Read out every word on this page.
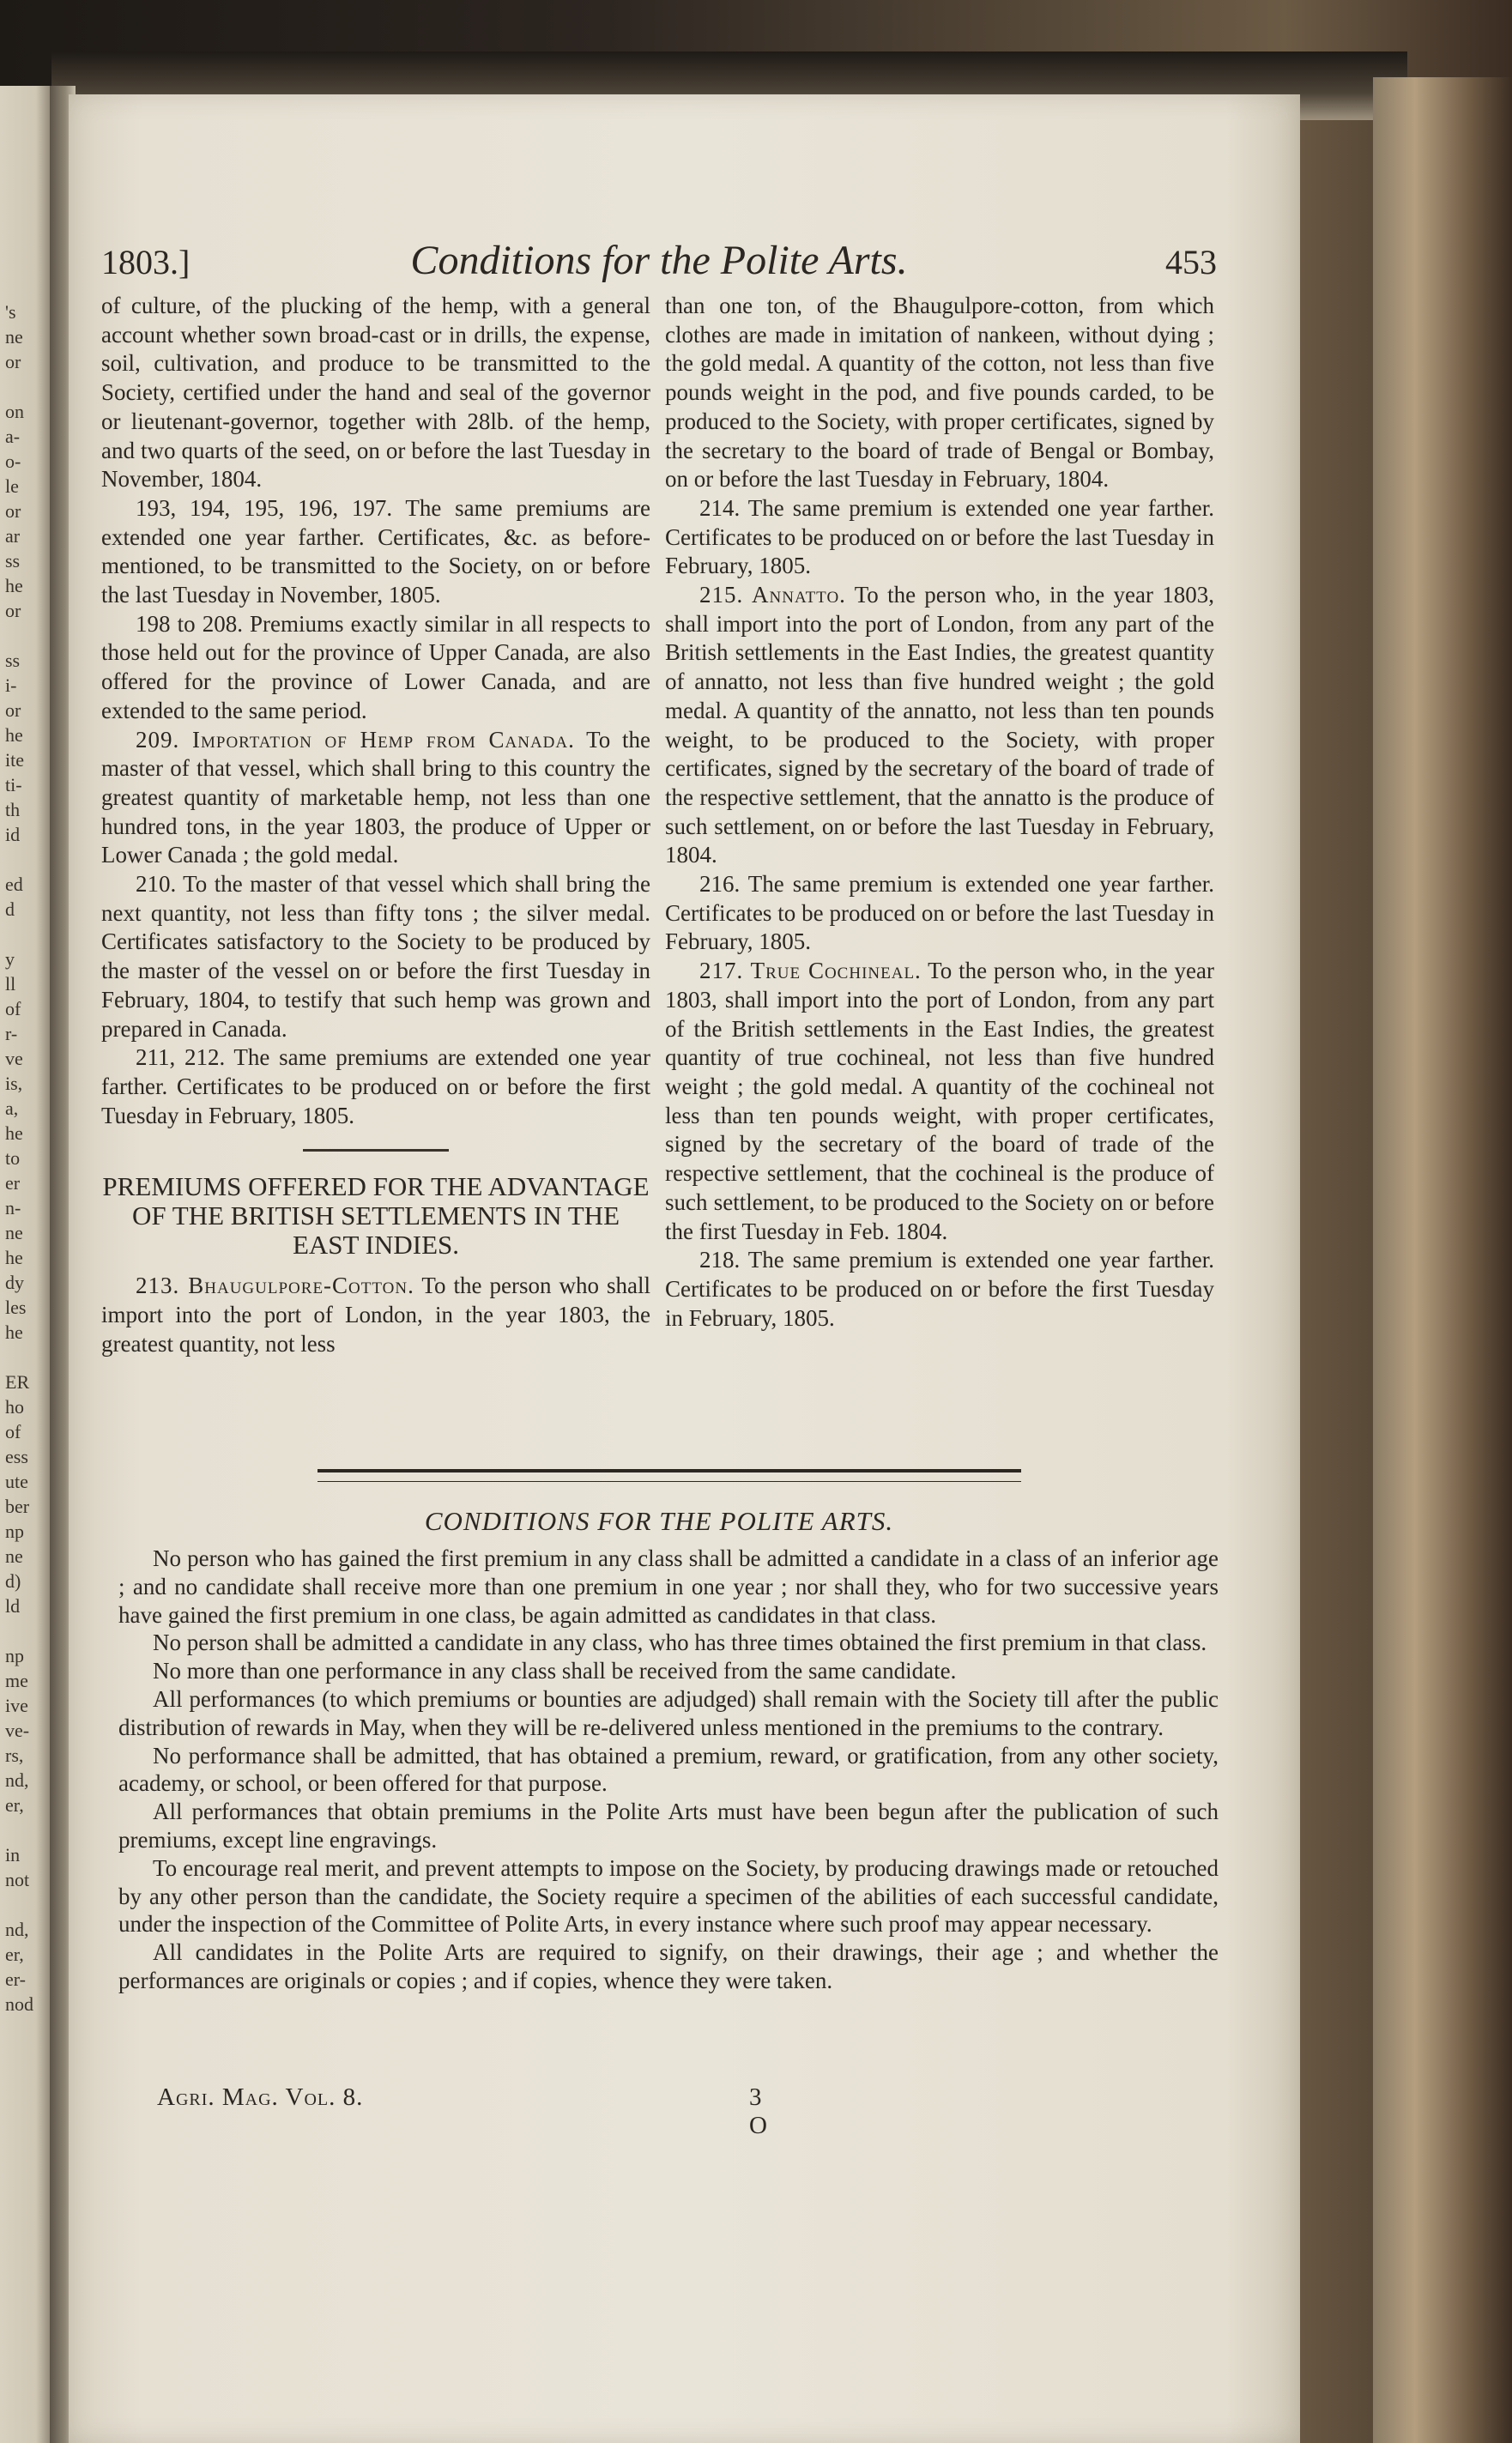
's
ne
or
on
a-
o-
le
or
ar
ss
he
or
ss
i-
or
he
ite
ti-
th
id
ed
d
y
ll
of
r-
ve
is,
a,
he
to
er
n-
ne
he
dy
les
he
ER
ho
of
ess
ute
ber
np
ne
d)
ld
np
me
ive
ve-
rs,
nd,
er,
in
not
nd,
er,
er-
nod
1803.]	Conditions for the Polite Arts.	453

of culture, of the plucking of the hemp, with a general account whether sown broad-cast or in drills, the expense, soil, cultivation, and produce to be transmitted to the Society, certified under the hand and seal of the governor or lieutenant-governor, together with 28lb. of the hemp, and two quarts of the seed, on or before the last Tuesday in November, 1804.

193, 194, 195, 196, 197. The same premiums are extended one year farther. Certificates, &c. as before-mentioned, to be transmitted to the Society, on or before the last Tuesday in November, 1805.

198 to 208. Premiums exactly similar in all respects to those held out for the province of Upper Canada, are also offered for the province of Lower Canada, and are extended to the same period.

209. Importation of Hemp from Canada. To the master of that vessel, which shall bring to this country the greatest quantity of marketable hemp, not less than one hundred tons, in the year 1803, the produce of Upper or Lower Canada ; the gold medal.

210. To the master of that vessel which shall bring the next quantity, not less than fifty tons ; the silver medal. Certificates satisfactory to the Society to be produced by the master of the vessel on or before the first Tuesday in February, 1804, to testify that such hemp was grown and prepared in Canada.

211, 212. The same premiums are extended one year farther. Certificates to be produced on or before the first Tuesday in February, 1805.

PREMIUMS OFFERED FOR THE ADVANTAGE OF THE BRITISH SETTLEMENTS IN THE EAST INDIES.

213. Bhaugulpore-Cotton. To the person who shall import into the port of London, in the year 1803, the greatest quantity, not less

than one ton, of the Bhaugulpore-cotton, from which clothes are made in imitation of nankeen, without dying ; the gold medal. A quantity of the cotton, not less than five pounds weight in the pod, and five pounds carded, to be produced to the Society, with proper certificates, signed by the secretary to the board of trade of Bengal or Bombay, on or before the last Tuesday in February, 1804.

214. The same premium is extended one year farther. Certificates to be produced on or before the last Tuesday in February, 1805.

215. Annatto. To the person who, in the year 1803, shall import into the port of London, from any part of the British settlements in the East Indies, the greatest quantity of annatto, not less than five hundred weight ; the gold medal. A quantity of the annatto, not less than ten pounds weight, to be produced to the Society, with proper certificates, signed by the secretary of the board of trade of the respective settlement, that the annatto is the produce of such settlement, on or before the last Tuesday in February, 1804.

216. The same premium is extended one year farther. Certificates to be produced on or before the last Tuesday in February, 1805.

217. True Cochineal. To the person who, in the year 1803, shall import into the port of London, from any part of the British settlements in the East Indies, the greatest quantity of true cochineal, not less than five hundred weight ; the gold medal. A quantity of the cochineal not less than ten pounds weight, with proper certificates, signed by the secretary of the board of trade of the respective settlement, that the cochineal is the produce of such settlement, to be produced to the Society on or before the first Tuesday in Feb. 1804.

218. The same premium is extended one year farther. Certificates to be produced on or before the first Tuesday in February, 1805.

CONDITIONS FOR THE POLITE ARTS.

No person who has gained the first premium in any class shall be admitted a candidate in a class of an inferior age ; and no candidate shall receive more than one premium in one year ; nor shall they, who for two successive years have gained the first premium in one class, be again admitted as candidates in that class.

No person shall be admitted a candidate in any class, who has three times obtained the first premium in that class.

No more than one performance in any class shall be received from the same candidate.

All performances (to which premiums or bounties are adjudged) shall remain with the Society till after the public distribution of rewards in May, when they will be re-delivered unless mentioned in the premiums to the contrary.

No performance shall be admitted, that has obtained a premium, reward, or gratification, from any other society, academy, or school, or been offered for that purpose.

All performances that obtain premiums in the Polite Arts must have been begun after the publication of such premiums, except line engravings.

To encourage real merit, and prevent attempts to impose on the Society, by producing drawings made or retouched by any other person than the candidate, the Society require a specimen of the abilities of each successful candidate, under the inspection of the Committee of Polite Arts, in every instance where such proof may appear necessary.

All candidates in the Polite Arts are required to signify, on their drawings, their age ; and whether the performances are originals or copies ; and if copies, whence they were taken.

Agri. Mag. Vol. 8.	3 O
